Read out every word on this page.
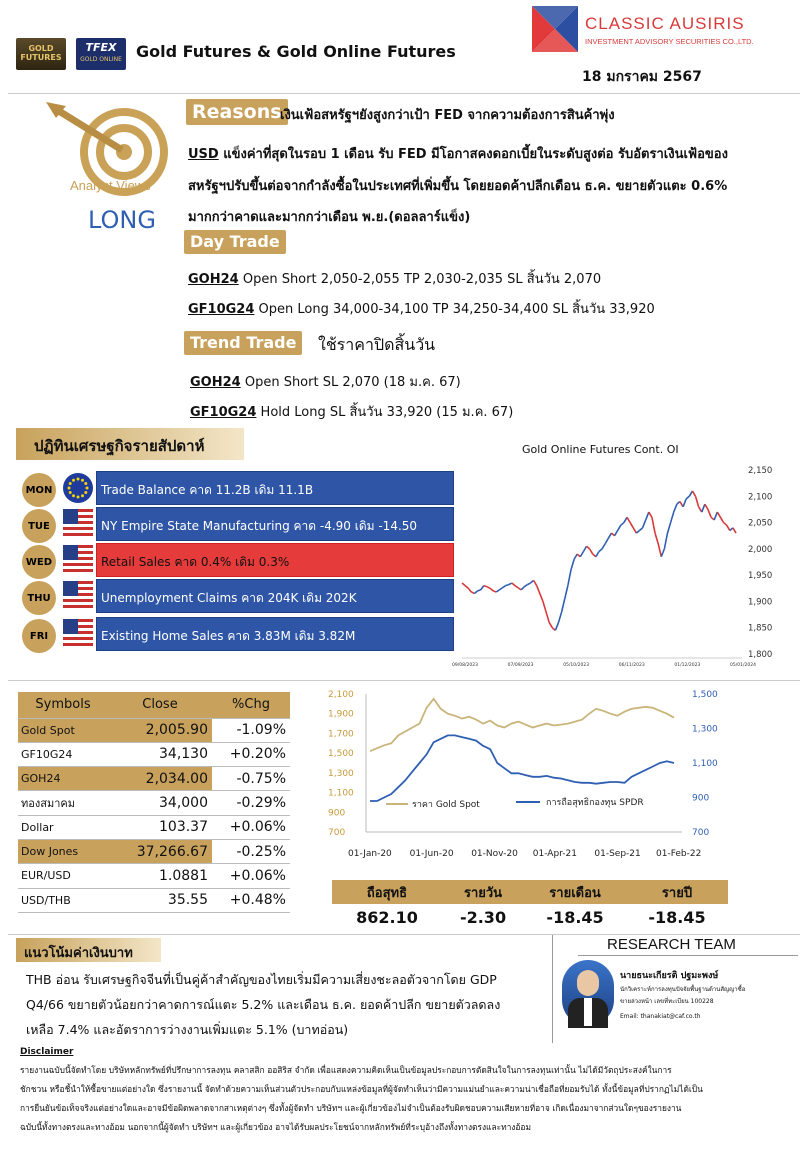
GOLD FUTURES
TFEX
GOLD ONLINE Gold Futures & Gold Online Futures
CLASSIC AUSIRIS
INVESTMENT ADVISORY SECURITIES CO.,LTD.
18 มกราคม 2567
Analyst Views
LONG
Reasons
เงินเฟ้อสหรัฐฯยังสูงกว่าเป้า FED จากความต้องการสินค้าพุ่ง
USD แข็งค่าที่สุดในรอบ 1 เดือน รับ FED มีโอกาสคงดอกเบี้ยในระดับสูงต่อ รับอัตราเงินเฟ้อของ
สหรัฐฯปรับขึ้นต่อจากกำลังซื้อในประเทศที่เพิ่มขึ้น โดยยอดค้าปลีกเดือน ธ.ค. ขยายตัวแตะ 0.6%
มากกว่าคาดและมากกว่าเดือน พ.ย.(ดอลลาร์แข็ง)
Day Trade
GOH24 Open Short 2,050-2,055 TP 2,030-2,035 SL สิ้นวัน 2,070
GF10G24 Open Long 34,000-34,100 TP 34,250-34,400 SL สิ้นวัน 33,920
Trend Trade	ใช้ราคาปิดสิ้นวัน
GOH24 Open Short SL 2,070 (18 ม.ค. 67)
GF10G24 Hold Long SL สิ้นวัน 33,920 (15 ม.ค. 67)
ปฏิทินเศรษฐกิจรายสัปดาห์
MON	Trade Balance คาด 11.2B เดิม 11.1B
TUE	NY Empire State Manufacturing คาด -4.90 เดิม -14.50
WED	Retail Sales คาด 0.4% เดิม 0.3%
THU	Unemployment Claims คาด 204K เดิม 202K
FRI	Existing Home Sales คาด 3.83M เดิม 3.82M
Gold Online Futures Cont. OI
1,800
1,850
1,900
1,950
2,000
2,050
2,100
2,150
09/08/2023	07/09/2023	05/10/2023	06/11/2023	01/12/2023	05/01/2024
Symbols	Close	%Chg
Gold Spot	2,005.90	-1.09%
GF10G24	34,130	+0.20%
GOH24	2,034.00	-0.75%
ทองสมาคม	34,000	-0.29%
Dollar	103.37	+0.06%
Dow Jones	37,266.67	-0.25%
EUR/USD	1.0881	+0.06%
USD/THB	35.55	+0.48%
700
900
1,100
1,300
1,500
1,700
1,900
2,100
700
900
1,100
1,300
1,500
01-Jan-20 01-Jun-20 01-Nov-20 01-Apr-21 01-Sep-21 01-Feb-22
ราคา Gold Spot	การถือสุทธิกองทุน SPDR
ถือสุทธิ	รายวัน	รายเดือน	รายปี
862.10	-2.30	-18.45	-18.45
แนวโน้มค่าเงินบาท
THB อ่อน รับเศรษฐกิจจีนที่เป็นคู่ค้าสำคัญของไทยเริ่มมีความเสี่ยงชะลอตัวจากโดย GDP
Q4/66 ขยายตัวน้อยกว่าคาดการณ์แตะ 5.2% และเดือน ธ.ค. ยอดค้าปลีก ขยายตัวลดลง
เหลือ 7.4% และอัตราการว่างงานเพิ่มแตะ 5.1% (บาทอ่อน)
RESEARCH TEAM
นายธนะเกียรติ ปฐมะพงษ์
นักวิเคราะห์การลงทุนปัจจัยพื้นฐานด้านสัญญาซื้อ
ขายล่วงหน้า เลขที่ทะเบียน 100228
Email: thanakiat@caf.co.th
Disclaimer
รายงานฉบับนี้จัดทำโดย บริษัทหลักทรัพย์ที่ปรึกษาการลงทุน คลาสสิก ออสิริส จำกัด เพื่อแสดงความคิดเห็นเป็นข้อมูลประกอบการตัดสินใจในการลงทุนเท่านั้น ไม่ได้มีวัตถุประสงค์ในการ
ชักชวน หรือชี้นำให้ซื้อขายแต่อย่างใด ซึ่งรายงานนี้ จัดทำด้วยความเห็นส่วนตัวประกอบกับแหล่งข้อมูลที่ผู้จัดทำเห็นว่ามีความแม่นยำและความน่าเชื่อถือที่ยอมรับได้ ทั้งนี้ข้อมูลที่ปรากฏไม่ได้เป็น
การยืนยันข้อเท็จจริงแต่อย่างใดและอาจมีข้อผิดพลาดจากสาเหตุต่างๆ ซึ่งทั้งผู้จัดทำ บริษัทฯ และผู้เกี่ยวข้องไม่จำเป็นต้องรับผิดชอบความเสียหายที่อาจ เกิดเนื่องมาจากส่วนใดๆของรายงาน
ฉบับนี้ทั้งทางตรงและทางอ้อม นอกจากนี้ผู้จัดทำ บริษัทฯ และผู้เกี่ยวข้อง อาจได้รับผลประโยชน์จากหลักทรัพย์ที่ระบุอ้างถึงทั้งทางตรงและทางอ้อม
